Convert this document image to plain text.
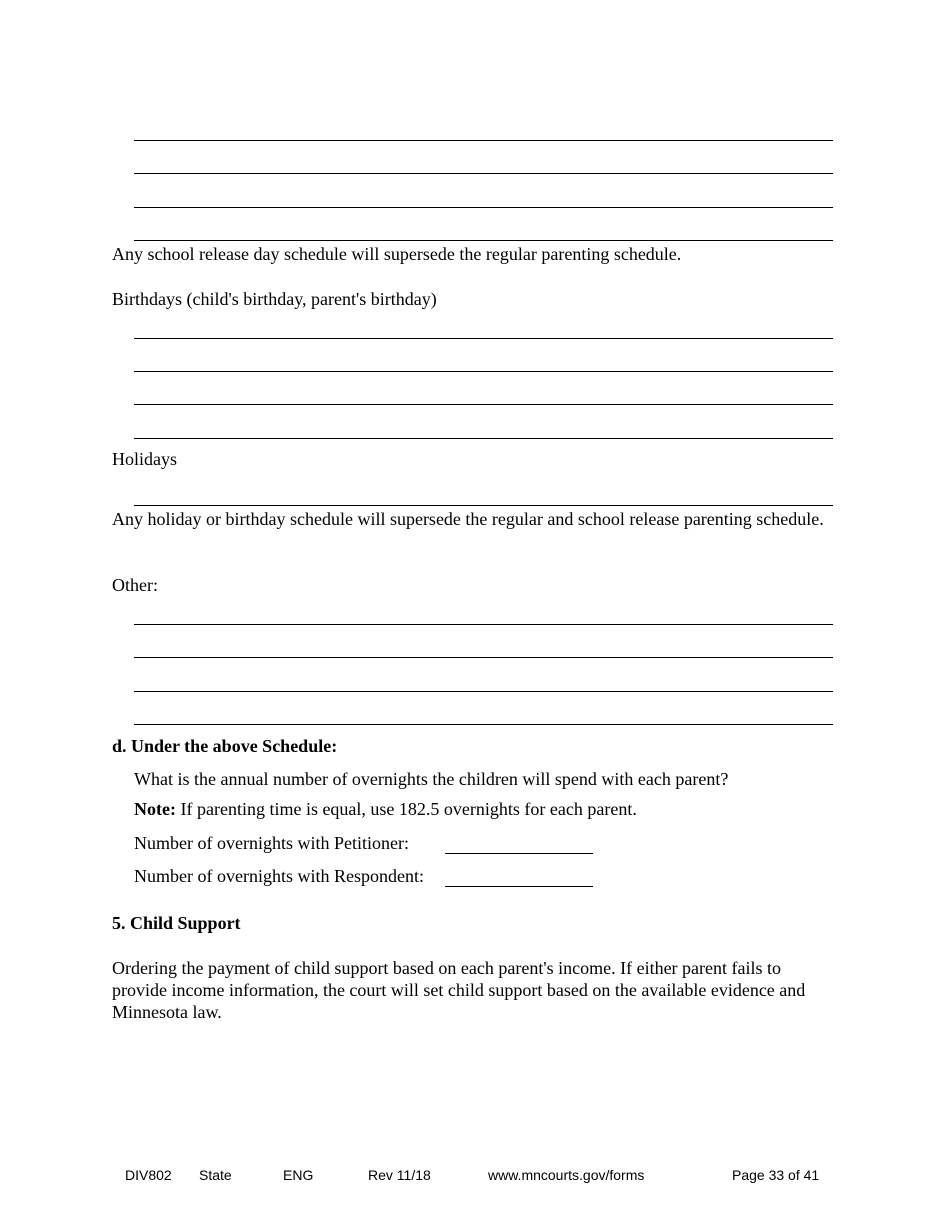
Any school release day schedule will supersede the regular parenting schedule.
Birthdays (child's birthday, parent's birthday)
Holidays
Any holiday or birthday schedule will supersede the regular and school release parenting schedule.
Other:
d. Under the above Schedule:
What is the annual number of overnights the children will spend with each parent?
Note: If parenting time is equal, use 182.5 overnights for each parent.
Number of overnights with Petitioner:
Number of overnights with Respondent:
5. Child Support
Ordering the payment of child support based on each parent's income. If either parent fails to provide income information, the court will set child support based on the available evidence and Minnesota law.
DIV802 State	ENG	Rev 11/18	www.mncourts.gov/forms	Page 33 of 41
